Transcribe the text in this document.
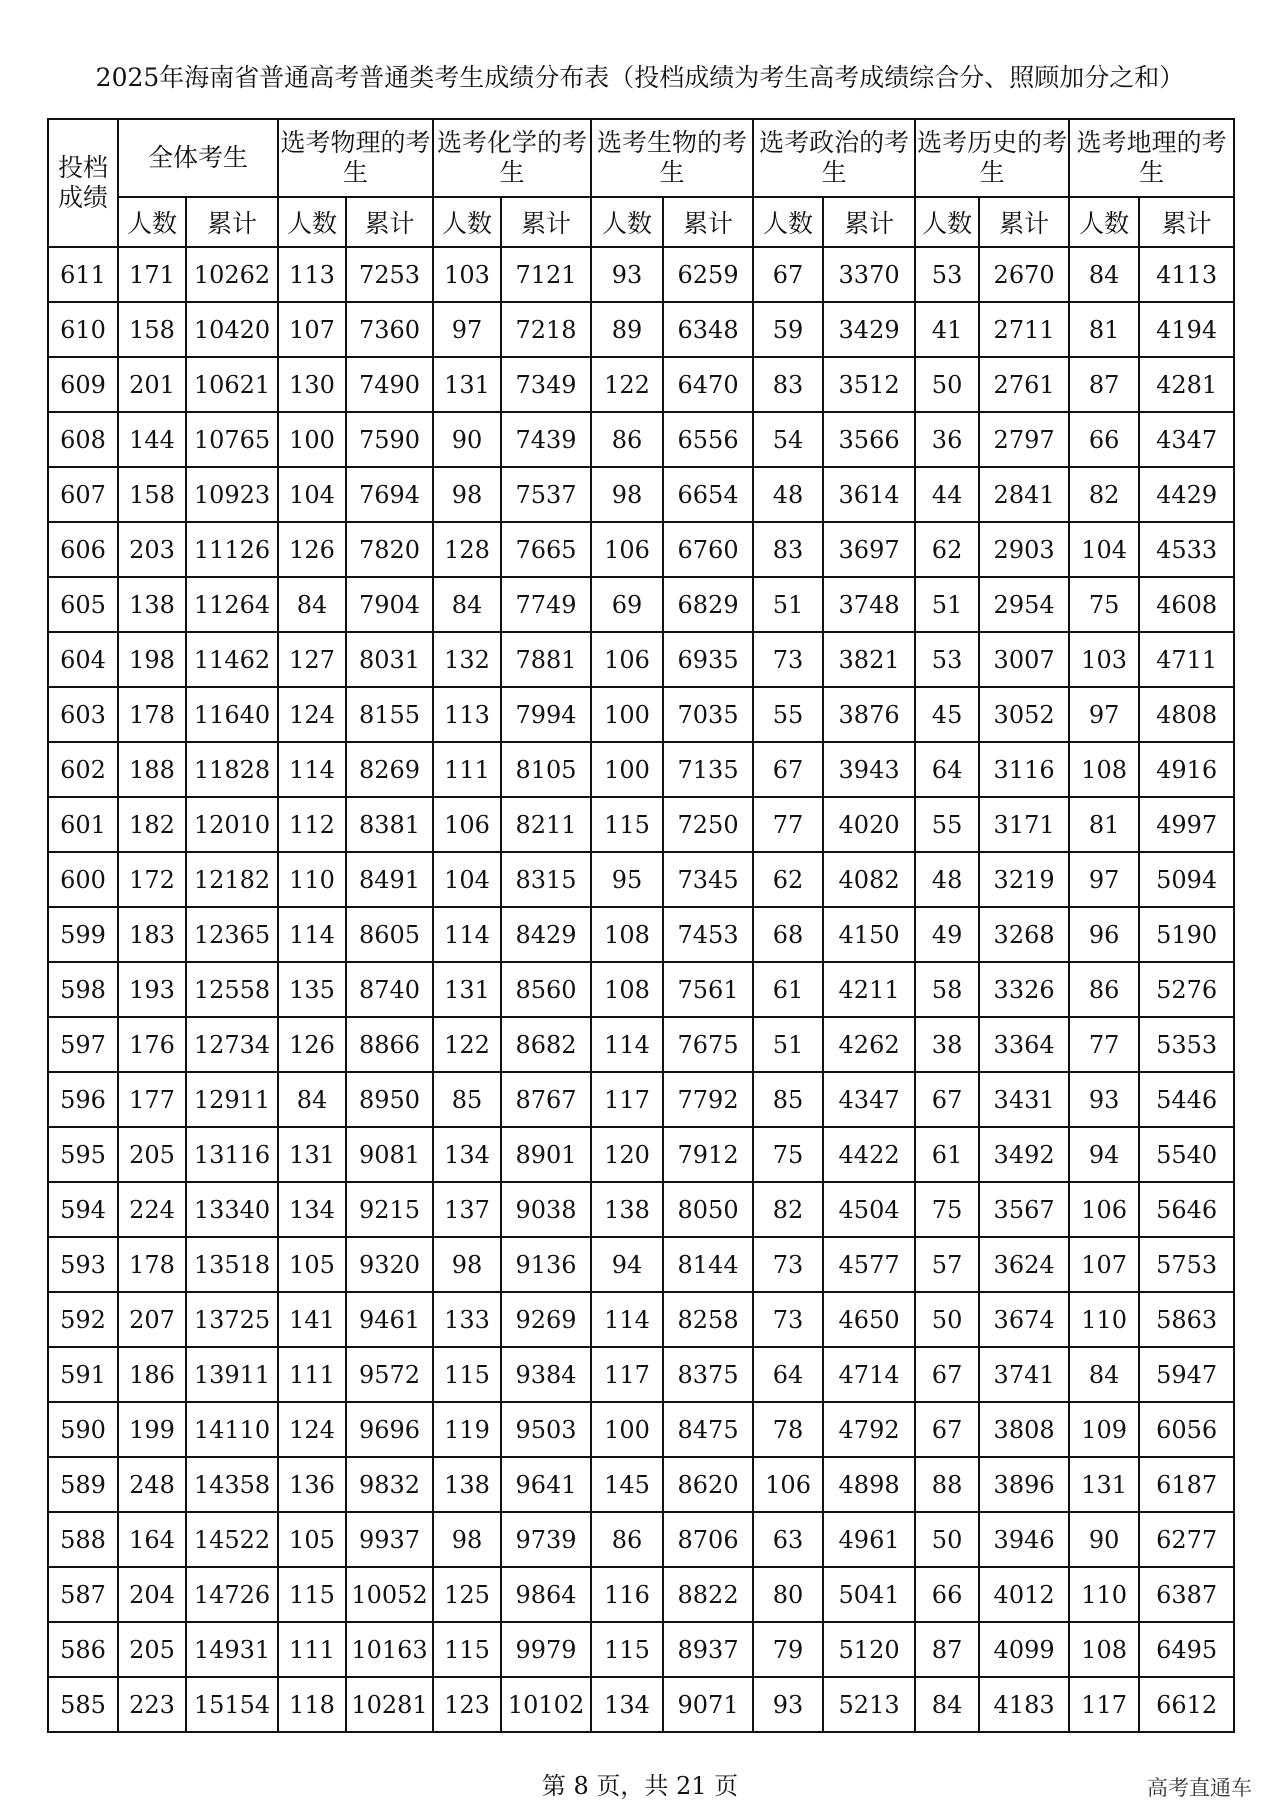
2025年海南省普通高考普通类考生成绩分布表（投档成绩为考生高考成绩综合分、照顾加分之和）
投档成绩	全体考生		选考物理的考生		选考化学的考生		选考生物的考生		选考政治的考生		选考历史的考生		选考地理的考生	
	人数	累计	人数	累计	人数	累计	人数	累计	人数	累计	人数	累计	人数	累计
611	171	10262	113	7253	103	7121	93	6259	67	3370	53	2670	84	4113
610	158	10420	107	7360	97	7218	89	6348	59	3429	41	2711	81	4194
609	201	10621	130	7490	131	7349	122	6470	83	3512	50	2761	87	4281
608	144	10765	100	7590	90	7439	86	6556	54	3566	36	2797	66	4347
607	158	10923	104	7694	98	7537	98	6654	48	3614	44	2841	82	4429
606	203	11126	126	7820	128	7665	106	6760	83	3697	62	2903	104	4533
605	138	11264	84	7904	84	7749	69	6829	51	3748	51	2954	75	4608
604	198	11462	127	8031	132	7881	106	6935	73	3821	53	3007	103	4711
603	178	11640	124	8155	113	7994	100	7035	55	3876	45	3052	97	4808
602	188	11828	114	8269	111	8105	100	7135	67	3943	64	3116	108	4916
601	182	12010	112	8381	106	8211	115	7250	77	4020	55	3171	81	4997
600	172	12182	110	8491	104	8315	95	7345	62	4082	48	3219	97	5094
599	183	12365	114	8605	114	8429	108	7453	68	4150	49	3268	96	5190
598	193	12558	135	8740	131	8560	108	7561	61	4211	58	3326	86	5276
597	176	12734	126	8866	122	8682	114	7675	51	4262	38	3364	77	5353
596	177	12911	84	8950	85	8767	117	7792	85	4347	67	3431	93	5446
595	205	13116	131	9081	134	8901	120	7912	75	4422	61	3492	94	5540
594	224	13340	134	9215	137	9038	138	8050	82	4504	75	3567	106	5646
593	178	13518	105	9320	98	9136	94	8144	73	4577	57	3624	107	5753
592	207	13725	141	9461	133	9269	114	8258	73	4650	50	3674	110	5863
591	186	13911	111	9572	115	9384	117	8375	64	4714	67	3741	84	5947
590	199	14110	124	9696	119	9503	100	8475	78	4792	67	3808	109	6056
589	248	14358	136	9832	138	9641	145	8620	106	4898	88	3896	131	6187
588	164	14522	105	9937	98	9739	86	8706	63	4961	50	3946	90	6277
587	204	14726	115	10052	125	9864	116	8822	80	5041	66	4012	110	6387
586	205	14931	111	10163	115	9979	115	8937	79	5120	87	4099	108	6495
585	223	15154	118	10281	123	10102	134	9071	93	5213	84	4183	117	6612
第 8 页，共 21 页	高考直通车
